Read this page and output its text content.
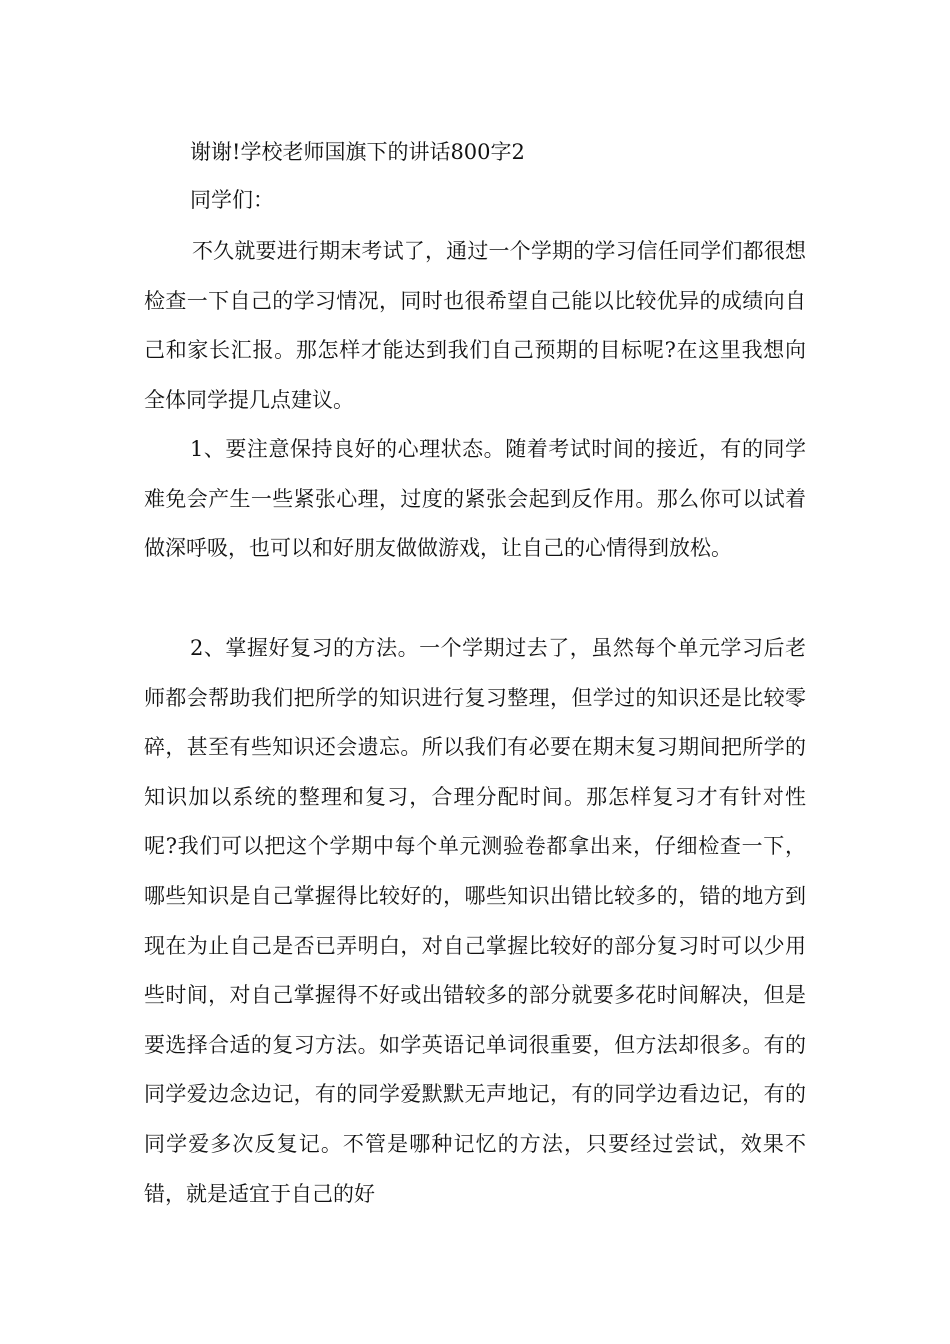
谢谢!学校老师国旗下的讲话800字2

同学们：

不久就要进行期末考试了，通过一个学期的学习信任同学们都很想检查一下自己的学习情况，同时也很希望自己能以比较优异的成绩向自己和家长汇报。那怎样才能达到我们自己预期的目标呢?在这里我想向全体同学提几点建议。

1、要注意保持良好的心理状态。随着考试时间的接近，有的同学难免会产生一些紧张心理，过度的紧张会起到反作用。那么你可以试着做深呼吸，也可以和好朋友做做游戏，让自己的心情得到放松。

2、掌握好复习的方法。一个学期过去了，虽然每个单元学习后老师都会帮助我们把所学的知识进行复习整理，但学过的知识还是比较零碎，甚至有些知识还会遗忘。所以我们有必要在期末复习期间把所学的知识加以系统的整理和复习，合理分配时间。那怎样复习才有针对性呢?我们可以把这个学期中每个单元测验卷都拿出来，仔细检查一下，哪些知识是自己掌握得比较好的，哪些知识出错比较多的，错的地方到现在为止自己是否已弄明白，对自己掌握比较好的部分复习时可以少用些时间，对自己掌握得不好或出错较多的部分就要多花时间解决，但是要选择合适的复习方法。如学英语记单词很重要，但方法却很多。有的同学爱边念边记，有的同学爱默默无声地记，有的同学边看边记，有的同学爱多次反复记。不管是哪种记忆的方法，只要经过尝试，效果不错，就是适宜于自己的好
